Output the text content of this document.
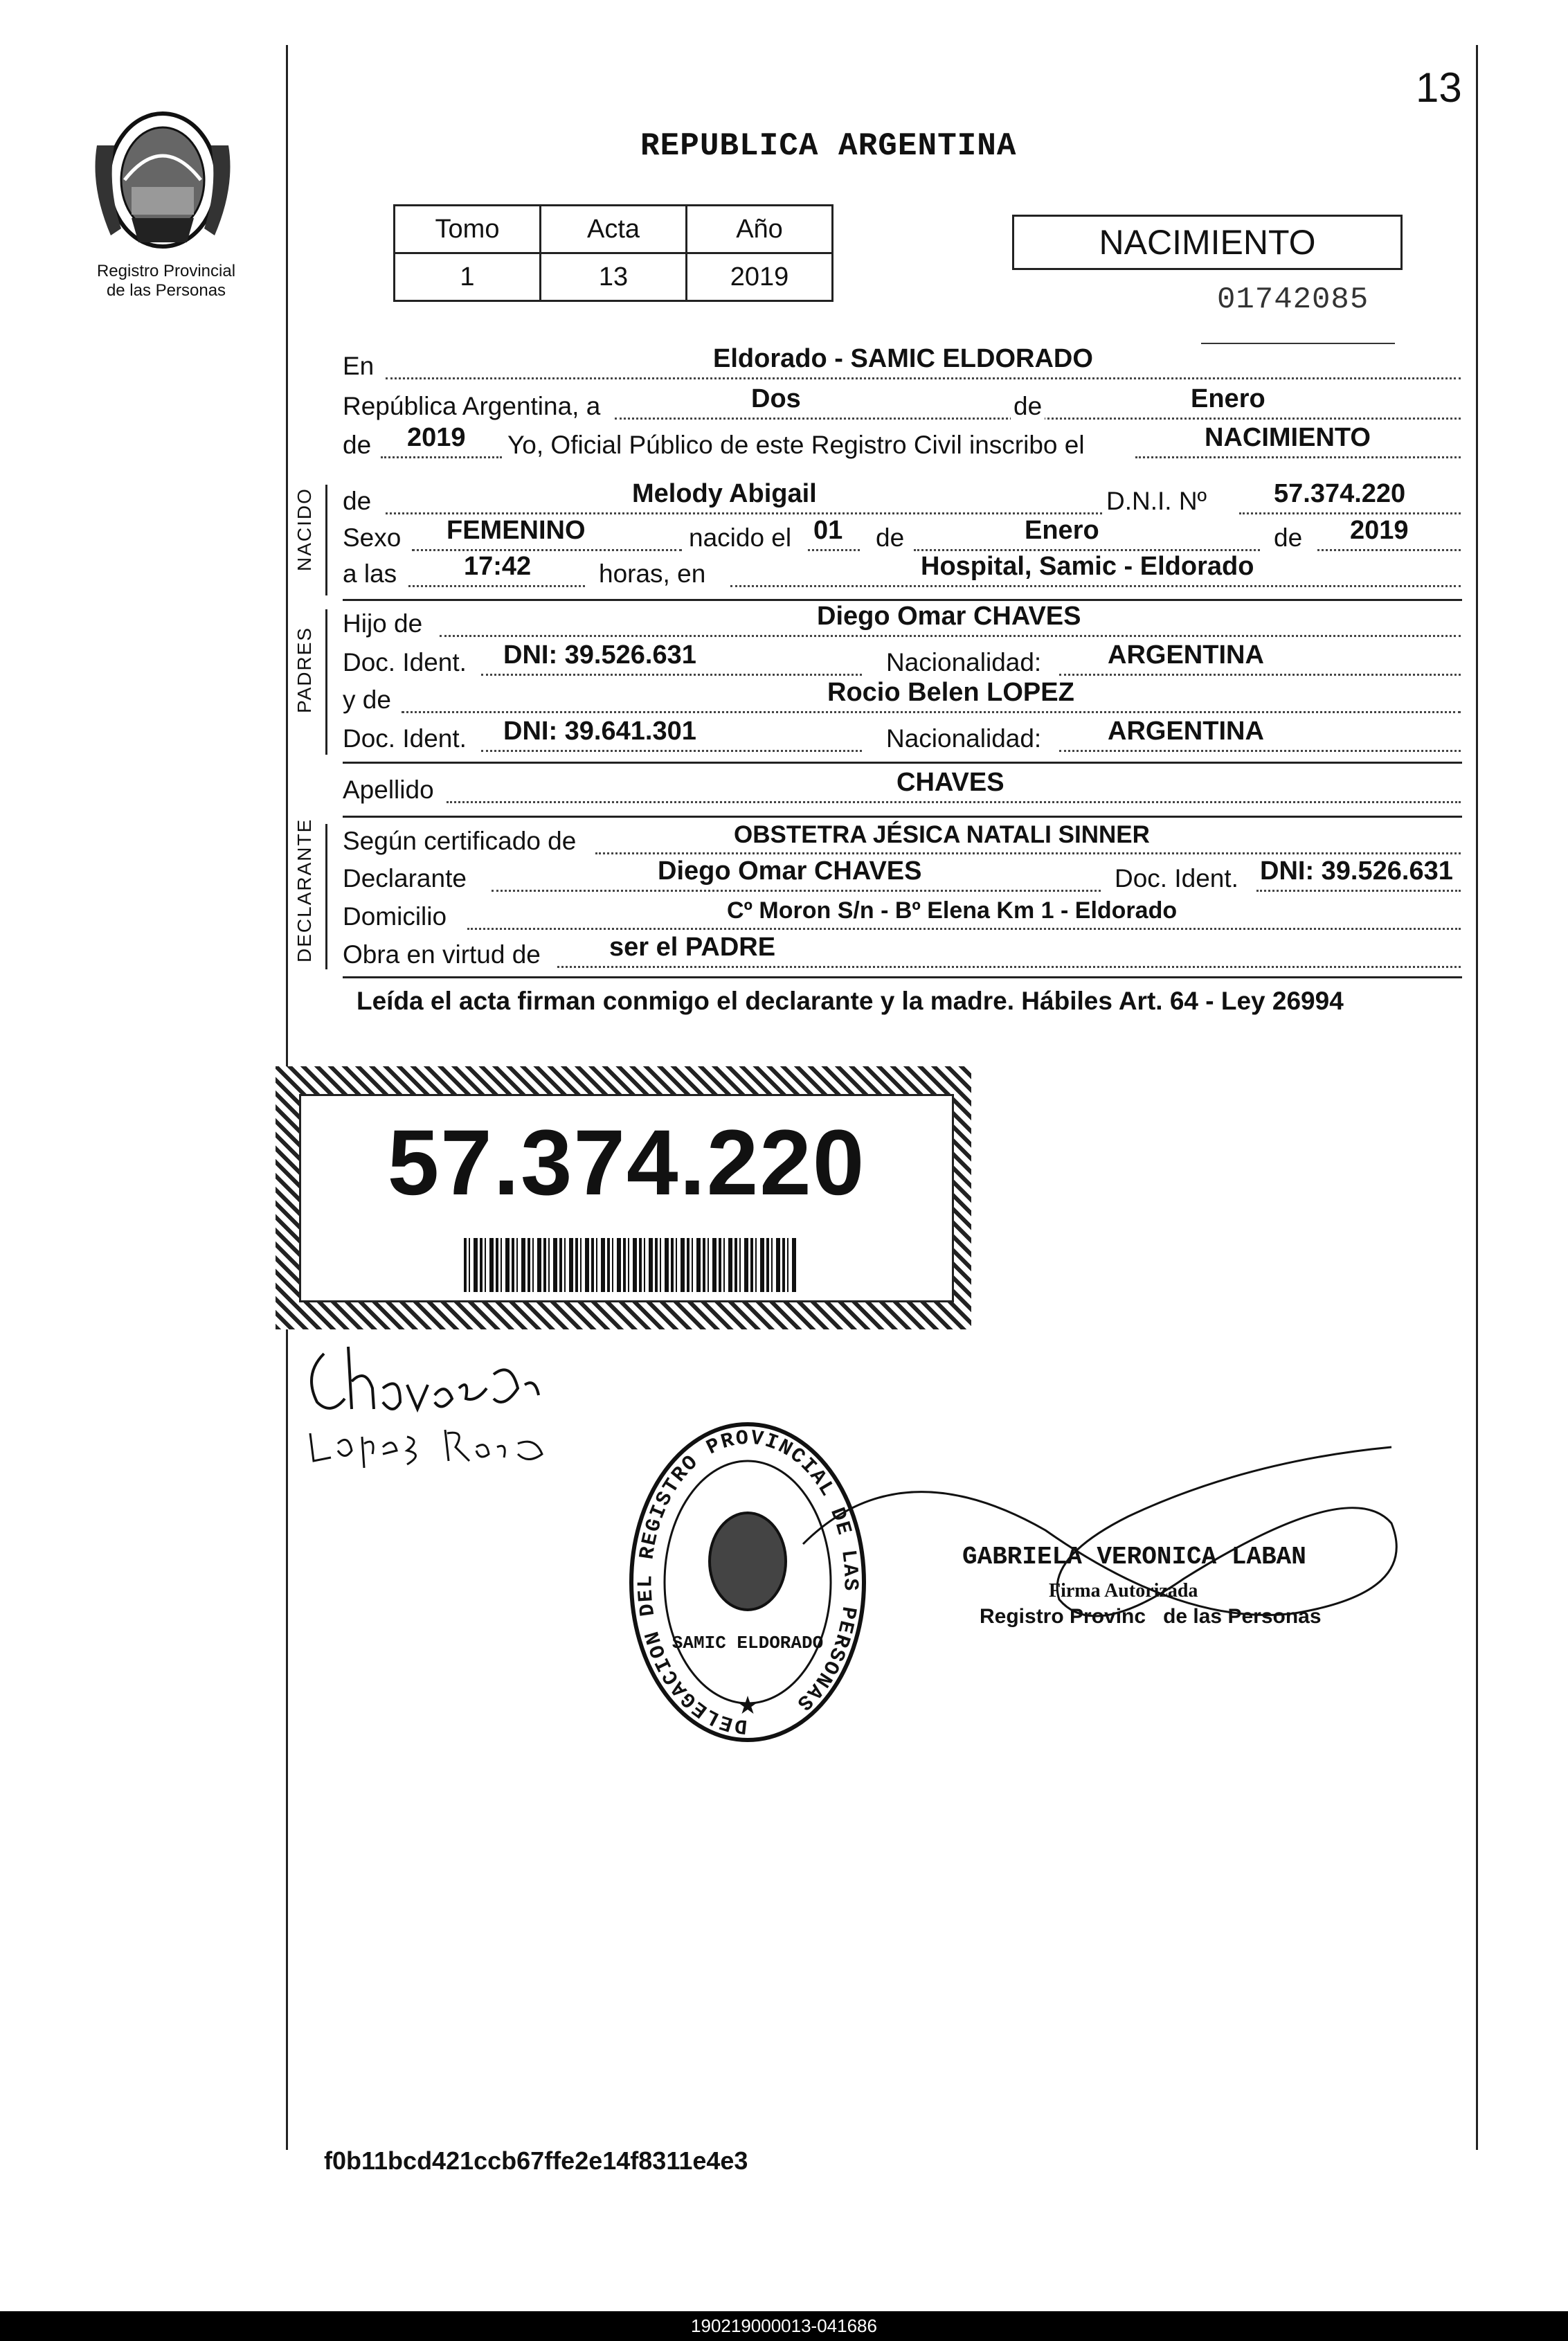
13
Registro Provincial
de las Personas
REPUBLICA ARGENTINA
Tomo	Acta	Año
1	13	2019
NACIMIENTO
01742085
En	Eldorado - SAMIC ELDORADO
República Argentina, a	Dos	de	Enero
de 2019 Yo, Oficial Público de este Registro Civil inscribo el	NACIMIENTO
NACIDO de	Melody Abigail	D.N.I. Nº	57.374.220
Sexo FEMENINO	nacido el 01 de	Enero	de 2019
a las	17:42	horas, en	Hospital, Samic - Eldorado
PADRES
Hijo de	Diego Omar CHAVES
Doc. Ident. DNI: 39.526.631	Nacionalidad:	ARGENTINA
y de	Rocio Belen LOPEZ
Doc. Ident. DNI: 39.641.301	Nacionalidad:	ARGENTINA
Apellido	CHAVES
DECLARANTE Según certificado de	OBSTETRA JÉSICA NATALI SINNER
Declarante	Diego Omar CHAVES	Doc. Ident. DNI: 39.526.631
Domicilio	Cº Moron S/n - Bº Elena Km 1 - Eldorado
Obra en virtud de	ser el PADRE
Leída el acta firman conmigo el declarante y la madre. Hábiles Art. 64 - Ley 26994
57.374.220
ChavesDiego
Lopez Rocio
DELEGACION DEL REGISTRO PROVINCIAL DE LAS PERSONAS
SAMIC ELDORADO
★
GABRIELA VERONICA LABAN
Firma Autorizada
Registro Provinc   de las Personas
f0b11bcd421ccb67ffe2e14f8311e4e3
190219000013-041686
